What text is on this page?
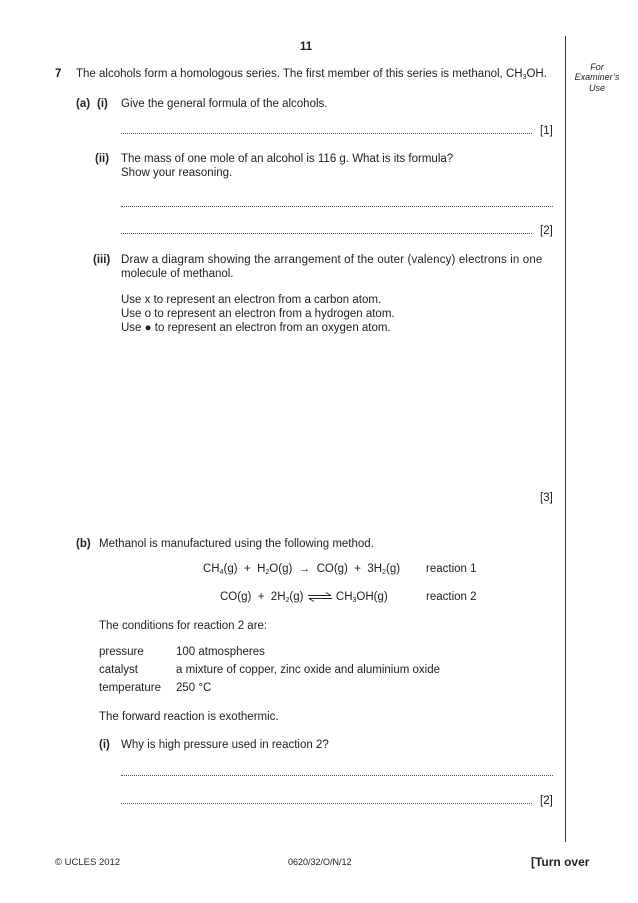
For
Examiner’s
Use
11
7 The alcohols form a homologous series. The first member of this series is methanol, $CH_3OH$.
(a) (i) Give the general formula of the alcohols.
[1]
(ii) The mass of one mole of an alcohol is 116 g. What is its formula?
Show your reasoning.
[2]
(iii) Draw a diagram showing the arrangement of the outer (valency) electrons in one
molecule of methanol.
Use x to represent an electron from a carbon atom.
Use o to represent an electron from a hydrogen atom.
Use ● to represent an electron from an oxygen atom.
[3]
(b) Methanol is manufactured using the following method.
$CH_4(g) + H_2O(g) \to CO(g) + 3H_2(g)$ reaction 1
$CO(g) + 2H_2(g)$ ⇌ $CH_3OH(g)$	reaction 2
The conditions for reaction 2 are:
pressure	100 atmospheres
catalyst	a mixture of copper, zinc oxide and aluminium oxide
temperature 250 °C
The forward reaction is exothermic.
(i) Why is high pressure used in reaction 2?
[2]
© UCLES 2012	0620/32/O/N/12	[Turn over
